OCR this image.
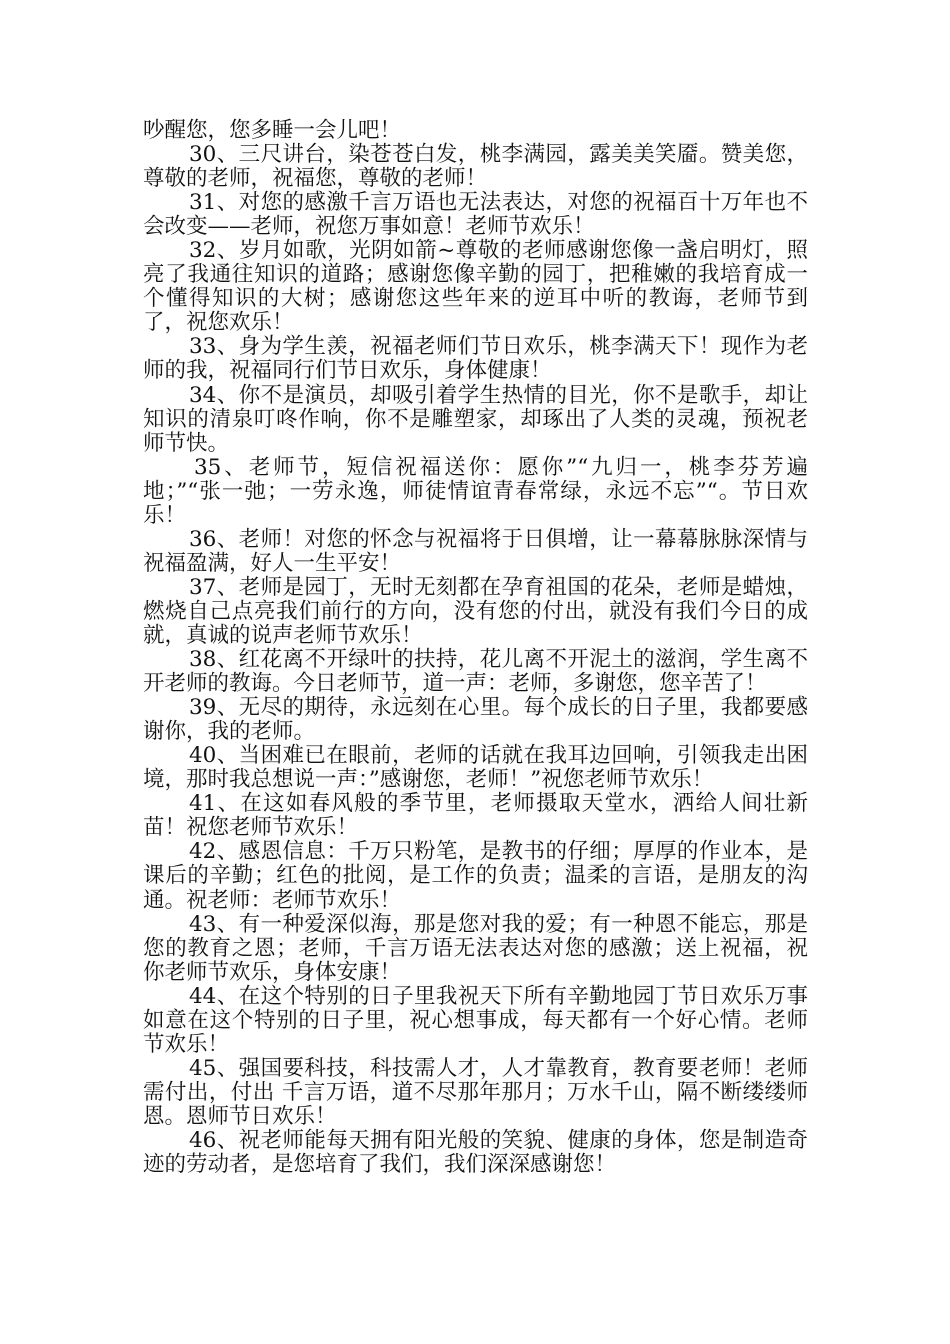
吵醒您，您多睡一会儿吧！

30、三尺讲台，染苍苍白发，桃李满园，露美美笑靥。赞美您，尊敬的老师，祝福您，尊敬的老师！

31、对您的感激千言万语也无法表达，对您的祝福百十万年也不会改变——老师，祝您万事如意！老师节欢乐！

32、岁月如歌，光阴如箭~尊敬的老师感谢您像一盏启明灯，照亮了我通往知识的道路；感谢您像辛勤的园丁，把稚嫩的我培育成一个懂得知识的大树；感谢您这些年来的逆耳中听的教诲，老师节到了，祝您欢乐！

33、身为学生羡，祝福老师们节日欢乐，桃李满天下！现作为老师的我，祝福同行们节日欢乐，身体健康！

34、你不是演员，却吸引着学生热情的目光，你不是歌手，却让知识的清泉叮咚作响，你不是雕塑家，却琢出了人类的灵魂，预祝老师节快。

35、老师节，短信祝福送你：愿你”“九归一，桃李芬芳遍地；”“张一弛；一劳永逸，师徒情谊青春常绿，永远不忘”“。节日欢乐！

36、老师！对您的怀念与祝福将于日俱增，让一幕幕脉脉深情与祝福盈满，好人一生平安！

37、老师是园丁，无时无刻都在孕育祖国的花朵，老师是蜡烛，燃烧自己点亮我们前行的方向，没有您的付出，就没有我们今日的成就，真诚的说声老师节欢乐！

38、红花离不开绿叶的扶持，花儿离不开泥土的滋润，学生离不开老师的教诲。今日老师节，道一声：老师，多谢您，您辛苦了！

39、无尽的期待，永远刻在心里。每个成长的日子里，我都要感谢你，我的老师。

40、当困难已在眼前，老师的话就在我耳边回响，引领我走出困境，那时我总想说一声：”感谢您，老师！”祝您老师节欢乐！

41、在这如春风般的季节里，老师摄取天堂水，洒给人间壮新苗！祝您老师节欢乐！

42、感恩信息：千万只粉笔，是教书的仔细；厚厚的作业本，是课后的辛勤；红色的批阅，是工作的负责；温柔的言语，是朋友的沟通。祝老师：老师节欢乐！

43、有一种爱深似海，那是您对我的爱；有一种恩不能忘，那是您的教育之恩；老师，千言万语无法表达对您的感激；送上祝福，祝你老师节欢乐，身体安康！

44、在这个特别的日子里我祝天下所有辛勤地园丁节日欢乐万事如意在这个特别的日子里，祝心想事成，每天都有一个好心情。老师节欢乐！

45、强国要科技，科技需人才，人才靠教育，教育要老师！老师需付出，付出 千言万语，道不尽那年那月；万水千山，隔不断缕缕师恩。恩师节日欢乐！

46、祝老师能每天拥有阳光般的笑貌、健康的身体，您是制造奇迹的劳动者，是您培育了我们，我们深深感谢您！
